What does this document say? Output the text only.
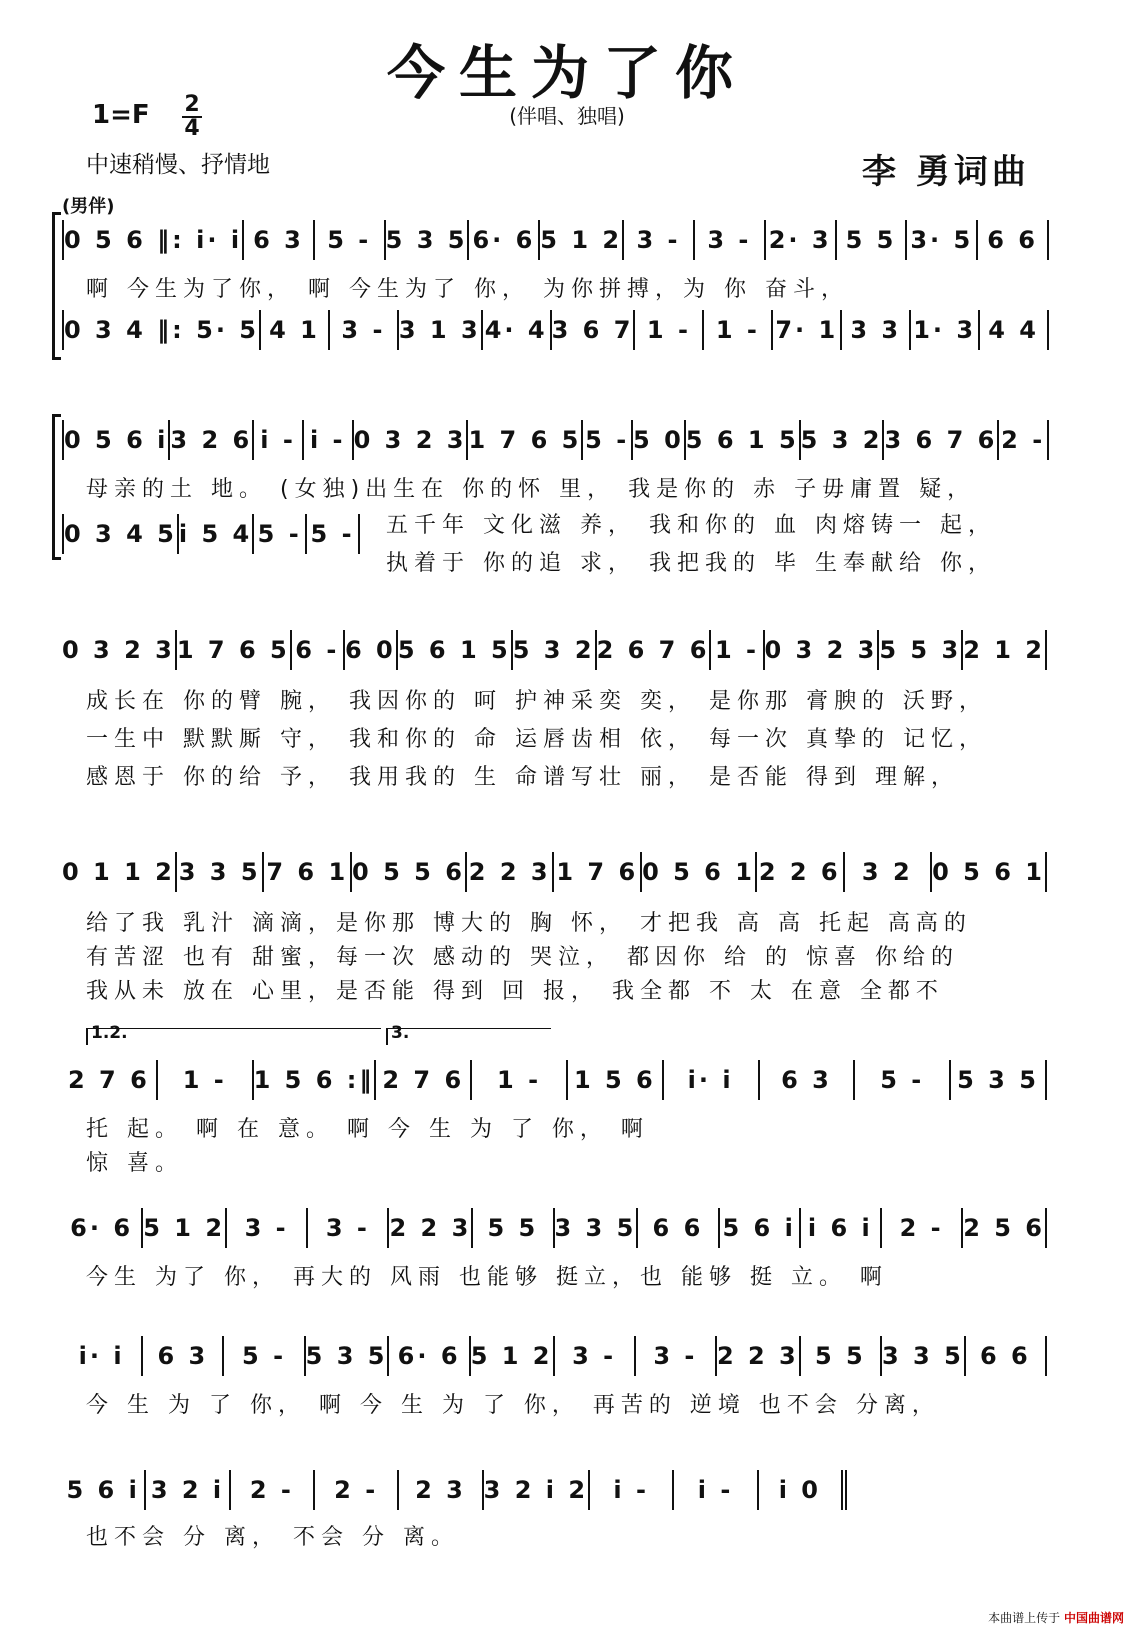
今生为了你
(伴唱、独唱)
1=F 2
4
中速稍慢、抒情地	李 勇词曲
(男伴)
0 5 6 ‖: i· i 6 3 5 - 5 3 5 6· 6 5 1 2 3 -	3 - 2· 3 5 5 3· 5 6 6
啊 今生为了你， 啊 今生为了 你， 为你拼搏，为 你 奋斗，
0 3 4 ‖: 5· 5 4 1 3 - 3 1 3 4· 4 3 6 7 1 -	1 - 7· 1 3 3 1· 3 4 4
0 5 6 i 3 2 6 i - i - 0 3 2 3 1 7 6 5 5 - 5 0 5 6 1 5 5 3 2 3 6 7 6 2 -
母亲的土 地。 (女独)出生在 你的怀 里， 我是你的 赤 子毋庸置 疑，
0 3 4 5 i 5 4 5 - 5 - 五千年 文化滋 养， 我和你的 血 肉熔铸一 起，
执着于 你的追 求， 我把我的 毕 生奉献给 你，
0 3 2 3 1 7 6 5 6 - 6 0 5 6 1 5 5 3 2 2 6 7 6 1 - 0 3 2 3 5 5 3 2 1 2
成长在 你的臂 腕， 我因你的 呵 护神采奕 奕， 是你那 膏腴的 沃野，
一生中 默默厮 守， 我和你的 命 运唇齿相 依， 每一次 真挚的 记忆，
感恩于 你的给 予， 我用我的 生 命谱写壮 丽， 是否能 得到 理解，
0 1 1 2 3 3 5 7 6 1 0 5 5 6 2 2 3 1 7 6 0 5 6 1 2 2 6 3 2 0 5 6 1
给了我 乳汁 滴滴，是你那 博大的 胸 怀， 才把我 高 高 托起 高高的
有苦涩 也有 甜蜜，每一次 感动的 哭泣， 都因你 给 的 惊喜 你给的
我从未 放在 心里，是否能 得到 回 报， 我全都 不 太 在意 全都不
1.2.	3.
2 7 6	1 -	1 5 6 :‖ 2 7 6	1 -	1 5 6	i· i	6 3	5 -	5 3 5
托 起。 啊 在 意。 啊 今 生 为 了 你， 啊
惊 喜。
6· 6 5 1 2 3 -	3 - 2 2 3 5 5 3 3 5 6 6 5 6 i i 6 i	2 - 2 5 6
今生 为了 你， 再大的 风雨 也能够 挺立，也 能够 挺 立。 啊
i· i	6 3	5 - 5 3 5 6· 6 5 1 2 3 -	3 - 2 2 3 5 5 3 3 5 6 6
今 生 为 了 你， 啊 今 生 为 了 你， 再苦的 逆境 也不会 分离，
5 6 i 3 2 i	2 -	2 -	2 3 3 2 i 2	i -	i -	i 0
也不会 分 离， 不会 分 离。
本曲谱上传于 中国曲谱网
